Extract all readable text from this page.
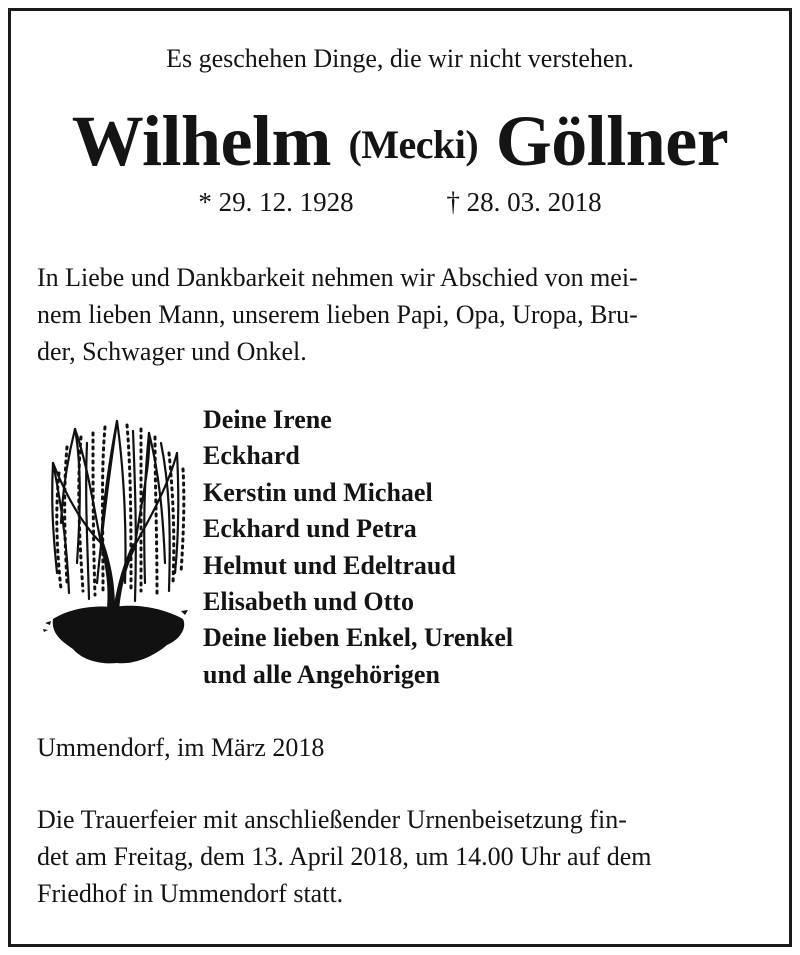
Es geschehen Dinge, die wir nicht verstehen.
Wilhelm (Mecki) Göllner
* 29. 12. 1928	† 28. 03. 2018
In Liebe und Dankbarkeit nehmen wir Abschied von mei-
nem lieben Mann, unserem lieben Papi, Opa, Uropa, Bru-
der, Schwager und Onkel.
Deine Irene
Eckhard
Kerstin und Michael
Eckhard und Petra
Helmut und Edeltraud
Elisabeth und Otto
Deine lieben Enkel, Urenkel
und alle Angehörigen
Ummendorf, im März 2018
Die Trauerfeier mit anschließender Urnenbeisetzung fin-
det am Freitag, dem 13. April 2018, um 14.00 Uhr auf dem
Friedhof in Ummendorf statt.
